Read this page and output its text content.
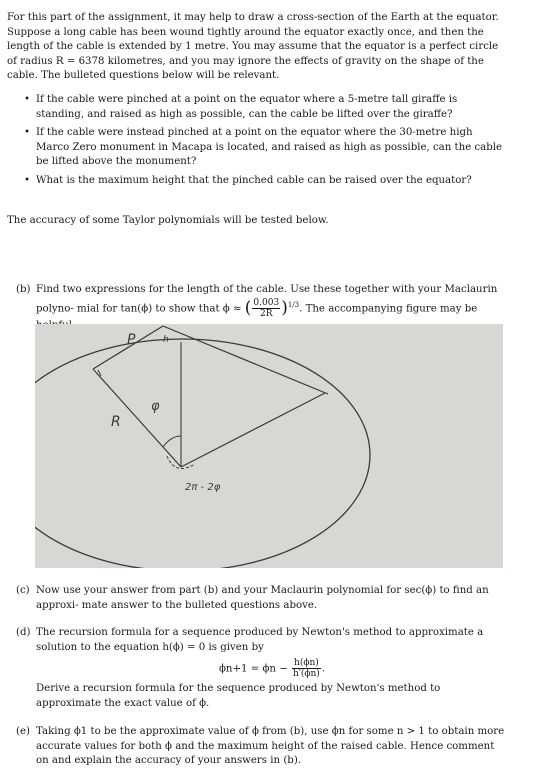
For this part of the assignment, it may help to draw a cross-section of the Earth at the equator. Suppose a long cable has been wound tightly around the equator exactly once, and then the length of the cable is extended by 1 metre. You may assume that the equator is a perfect circle of radius R = 6378 kilometres, and you may ignore the effects of gravity on the shape of the cable. The bulleted questions below will be relevant.
• If the cable were pinched at a point on the equator where a 5-metre tall giraffe is standing, and raised as high as possible, can the cable be lifted over the giraffe?
• If the cable were instead pinched at a point on the equator where the 30-metre high Marco Zero monument in Macapa is located, and raised as high as possible, can the cable be lifted above the monument?
• What is the maximum height that the pinched cable can be raised over the equator?
The accuracy of some Taylor polynomials will be tested below.
(b) Find two expressions for the length of the cable. Use these together with your Maclaurin polyno- mial for tan(ϕ) to show that ϕ ≈ ( $\frac{0.003}{2R} )^{1/3}$. The accompanying figure may be
P	h
R
φ
2π - 2φ
(c) Now use your answer from part (b) and your Maclaurin polynomial for sec(ϕ) to find an approxi- mate answer to the bulleted questions above.
(d) The recursion formula for a sequence produced by Newton's method to approximate a solution to the equation h(ϕ) = 0 is given by
$\phi n+1 = \phi n - \frac{h(\phi n)}{h'(\phi n)}$ .
Derive a recursion formula for the sequence produced by Newton's method to approximate the exact value of ϕ.
(e) Taking ϕ1 to be the approximate value of ϕ from (b), use ϕn for some n > 1 to obtain more accurate values for both ϕ and the maximum height of the raised cable. Hence comment on and explain the accuracy of your answers in (b).
